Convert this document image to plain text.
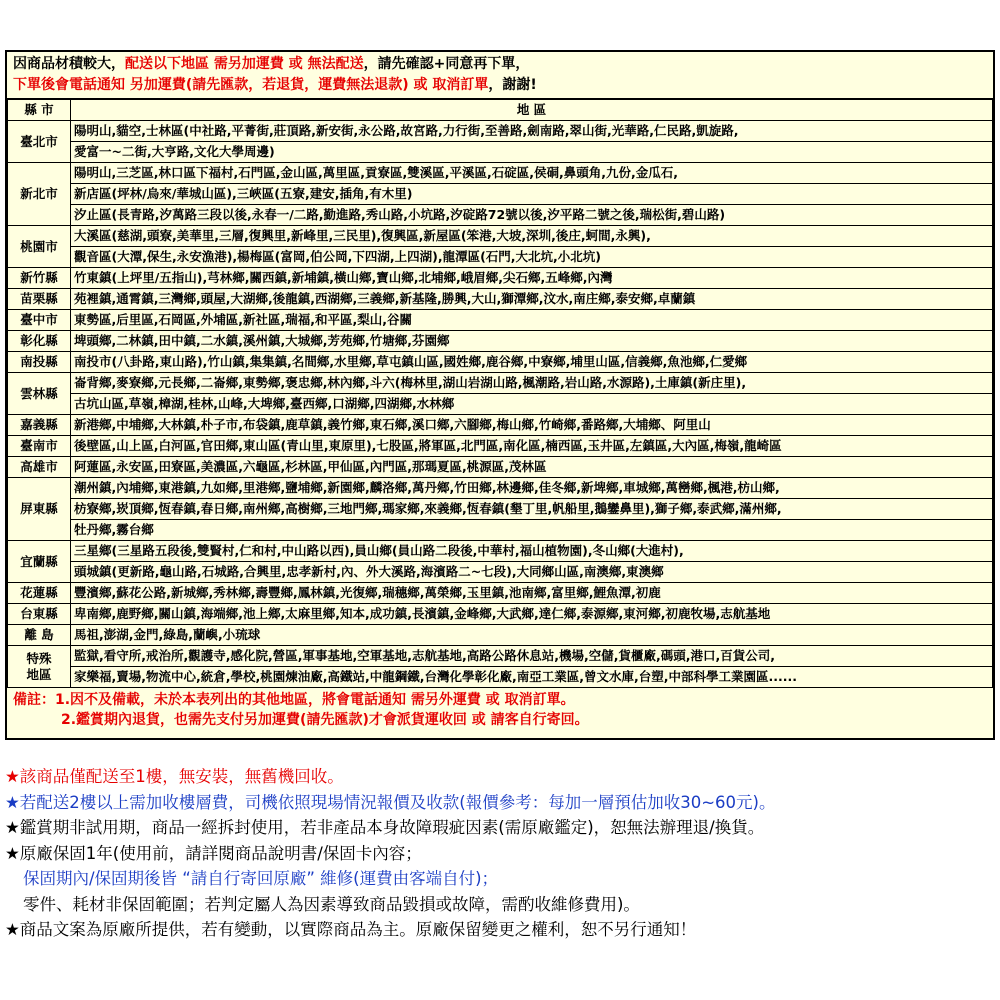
因商品材積較大，配送以下地區 需另加運費 或 無法配送，請先確認+同意再下單，
下單後會電話通知 另加運費(請先匯款，若退貨，運費無法退款) 或 取消訂單，謝謝!
縣 市	地 區
臺北市	陽明山,貓空,士林區(中社路,平菁街,莊頂路,新安街,永公路,故宮路,力行街,至善路,劍南路,翠山街,光華路,仁民路,凱旋路,
	愛富一~二街,大亨路,文化大學周邊)
新北市	陽明山,三芝區,林口區下福村,石門區,金山區,萬里區,貢寮區,雙溪區,平溪區,石碇區,侯硐,鼻頭角,九份,金瓜石,
	新店區(坪林/烏來/華城山區),三峽區(五寮,建安,插角,有木里)
	汐止區(長青路,汐萬路三段以後,永春一/二路,勤進路,秀山路,小坑路,汐碇路72號以後,汐平路二號之後,瑞松街,碧山路)
桃園市	大溪區(慈湖,頭寮,美華里,三層,復興里,新峰里,三民里),復興區,新屋區(笨港,大坡,深圳,後庄,蚵間,永興),
	觀音區(大潭,保生,永安漁港),楊梅區(富岡,伯公岡,下四湖,上四湖),龍潭區(石門,大北坑,小北坑)
新竹縣	竹東鎮(上坪里/五指山),芎林鄉,關西鎮,新埔鎮,橫山鄉,寶山鄉,北埔鄉,峨眉鄉,尖石鄉,五峰鄉,內灣
苗栗縣	苑裡鎮,通霄鎮,三灣鄉,頭屋,大湖鄉,後龍鎮,西湖鄉,三義鄉,新基隆,勝興,大山,獅潭鄉,汶水,南庄鄉,泰安鄉,卓蘭鎮
臺中市	東勢區,后里區,石岡區,外埔區,新社區,瑞福,和平區,梨山,谷關
彰化縣	埤頭鄉,二林鎮,田中鎮,二水鎮,溪州鎮,大城鄉,芳苑鄉,竹塘鄉,芬園鄉
南投縣	南投市(八卦路,東山路),竹山鎮,集集鎮,名間鄉,水里鄉,草屯鎮山區,國姓鄉,鹿谷鄉,中寮鄉,埔里山區,信義鄉,魚池鄉,仁愛鄉
雲林縣	崙背鄉,麥寮鄉,元長鄉,二崙鄉,東勢鄉,褒忠鄉,林內鄉,斗六(梅林里,湖山岩湖山路,楓潮路,岩山路,水源路),土庫鎮(新庄里),
	古坑山區,草嶺,樟湖,桂林,山峰,大埤鄉,臺西鄉,口湖鄉,四湖鄉,水林鄉
嘉義縣	新港鄉,中埔鄉,大林鎮,朴子市,布袋鎮,鹿草鎮,義竹鄉,東石鄉,溪口鄉,六腳鄉,梅山鄉,竹崎鄉,番路鄉,大埔鄉、阿里山
臺南市	後壁區,山上區,白河區,官田鄉,東山區(青山里,東原里),七股區,將軍區,北門區,南化區,楠西區,玉井區,左鎮區,大內區,梅嶺,龍崎區
高雄市	阿蓮區,永安區,田寮區,美濃區,六龜區,杉林區,甲仙區,內門區,那瑪夏區,桃源區,茂林區
屏東縣	潮州鎮,內埔鄉,東港鎮,九如鄉,里港鄉,鹽埔鄉,新園鄉,麟洛鄉,萬丹鄉,竹田鄉,林邊鄉,佳冬鄉,新埤鄉,車城鄉,萬巒鄉,楓港,枋山鄉,
	枋寮鄉,崁頂鄉,恆春鎮,春日鄉,南州鄉,高樹鄉,三地門鄉,瑪家鄉,來義鄉,恆春鎮(墾丁里,帆船里,鵝鑾鼻里),獅子鄉,泰武鄉,滿州鄉,
	牡丹鄉,霧台鄉
宜蘭縣	三星鄉(三星路五段後,雙賢村,仁和村,中山路以西),員山鄉(員山路二段後,中華村,福山植物園),冬山鄉(大進村),
	頭城鎮(更新路,龜山路,石城路,合興里,忠孝新村,內、外大溪路,海濱路二~七段),大同鄉山區,南澳鄉,東澳鄉
花蓮縣	豐濱鄉,蘇花公路,新城鄉,秀林鄉,壽豐鄉,鳳林鎮,光復鄉,瑞穗鄉,萬榮鄉,玉里鎮,池南鄉,富里鄉,鯉魚潭,初鹿
台東縣	卑南鄉,鹿野鄉,關山鎮,海端鄉,池上鄉,太麻里鄉,知本,成功鎮,長濱鎮,金峰鄉,大武鄉,達仁鄉,泰源鄉,東河鄉,初鹿牧場,志航基地
離 島	馬祖,澎湖,金門,綠島,蘭嶼,小琉球

特殊
地區	監獄,看守所,戒治所,觀護寺,感化院,營區,軍事基地,空軍基地,志航基地,高路公路休息站,機場,空儲,貨櫃廠,碼頭,港口,百貨公司,
	家樂福,賣場,物流中心,統倉,學校,桃園煉油廠,高鐵站,中龍鋼鐵,台灣化學彰化廠,南亞工業區,曾文水庫,台塑,中部科學工業園區......
備註：1.因不及備載，未於本表列出的其他地區，將會電話通知 需另外運費 或 取消訂單。
2.鑑賞期內退貨，也需先支付另加運費(請先匯款)才會派貨運收回 或 請客自行寄回。
★該商品僅配送至1樓，無安裝，無舊機回收。
★若配送2樓以上需加收樓層費，司機依照現場情況報價及收款(報價參考：每加一層預估加收30~60元)。
★鑑賞期非試用期，商品一經拆封使用，若非產品本身故障瑕疵因素(需原廠鑑定)，恕無法辦理退/換貨。
★原廠保固1年(使用前，請詳閱商品說明書/保固卡內容；
保固期內/保固期後皆 “請自行寄回原廠” 維修(運費由客端自付)；
零件、耗材非保固範圍；若判定屬人為因素導致商品毀損或故障，需酌收維修費用)。
★商品文案為原廠所提供，若有變動，以實際商品為主。原廠保留變更之權利，恕不另行通知！
